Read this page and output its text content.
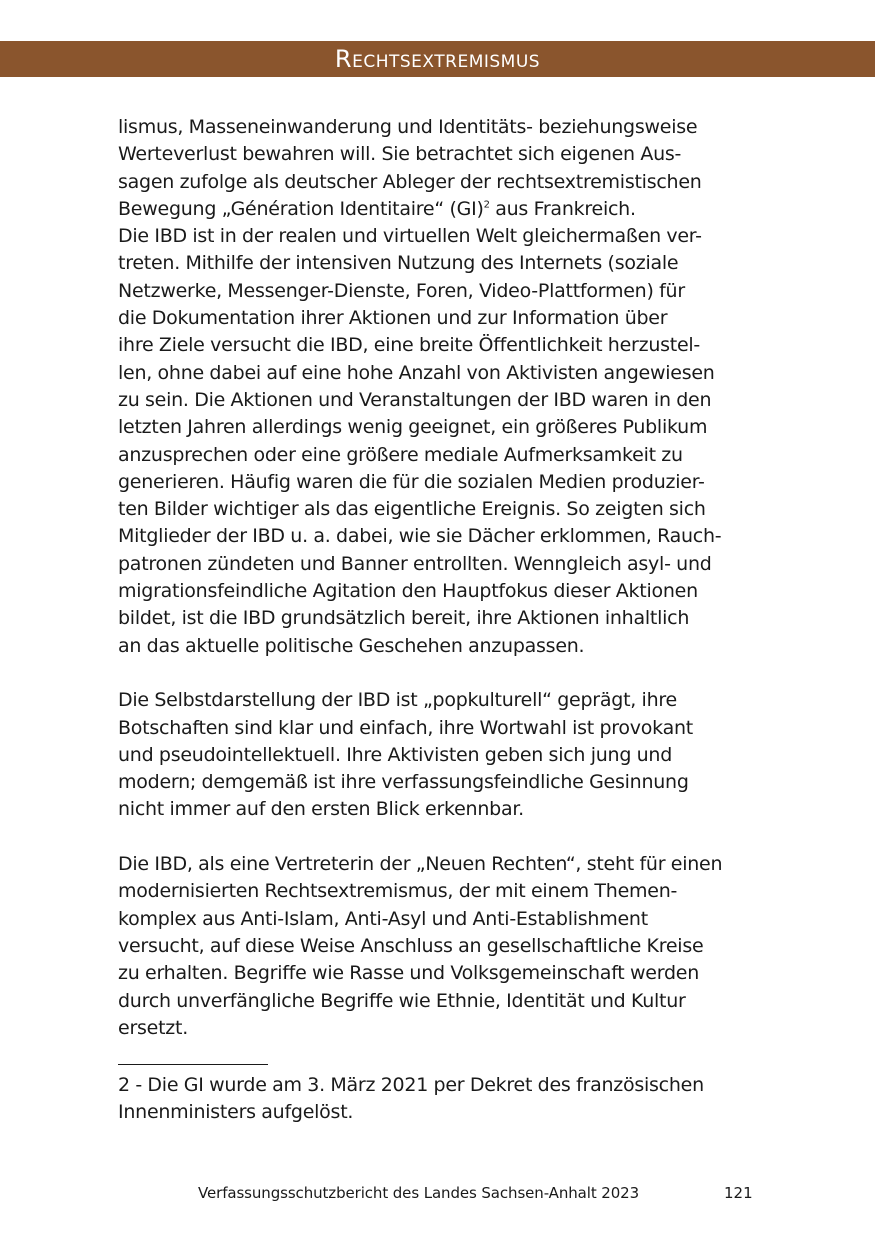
Rechtsextremismus
lismus, Masseneinwanderung und Identitäts- beziehungsweise
Werteverlust bewahren will. Sie betrachtet sich eigenen Aus-
sagen zufolge als deutscher Ableger der rechtsextremistischen
Bewegung „Génération Identitaire“ (GI)$^2$ aus Frankreich.
Die IBD ist in der realen und virtuellen Welt gleichermaßen ver-
treten. Mithilfe der intensiven Nutzung des Internets (soziale
Netzwerke, Messenger-Dienste, Foren, Video-Plattformen) für
die Dokumentation ihrer Aktionen und zur Information über
ihre Ziele versucht die IBD, eine breite Öffentlichkeit herzustel-
len, ohne dabei auf eine hohe Anzahl von Aktivisten angewiesen
zu sein. Die Aktionen und Veranstaltungen der IBD waren in den
letzten Jahren allerdings wenig geeignet, ein größeres Publikum
anzusprechen oder eine größere mediale Aufmerksamkeit zu
generieren. Häufig waren die für die sozialen Medien produzier-
ten Bilder wichtiger als das eigentliche Ereignis. So zeigten sich
Mitglieder der IBD u. a. dabei, wie sie Dächer erklommen, Rauch-
patronen zündeten und Banner entrollten. Wenngleich asyl- und
migrationsfeindliche Agitation den Hauptfokus dieser Aktionen
bildet, ist die IBD grundsätzlich bereit, ihre Aktionen inhaltlich
an das aktuelle politische Geschehen anzupassen.
Die Selbstdarstellung der IBD ist „popkulturell“ geprägt, ihre
Botschaften sind klar und einfach, ihre Wortwahl ist provokant
und pseudointellektuell. Ihre Aktivisten geben sich jung und
modern; demgemäß ist ihre verfassungsfeindliche Gesinnung
nicht immer auf den ersten Blick erkennbar.
Die IBD, als eine Vertreterin der „Neuen Rechten“, steht für einen
modernisierten Rechtsextremismus, der mit einem Themen-
komplex aus Anti-Islam, Anti-Asyl und Anti-Establishment
versucht, auf diese Weise Anschluss an gesellschaftliche Kreise
zu erhalten. Begriffe wie Rasse und Volksgemeinschaft werden
durch unverfängliche Begriffe wie Ethnie, Identität und Kultur
ersetzt.
2 - Die GI wurde am 3. März 2021 per Dekret des französischen
Innenministers aufgelöst.
Verfassungsschutzbericht des Landes Sachsen-Anhalt 2023	121
